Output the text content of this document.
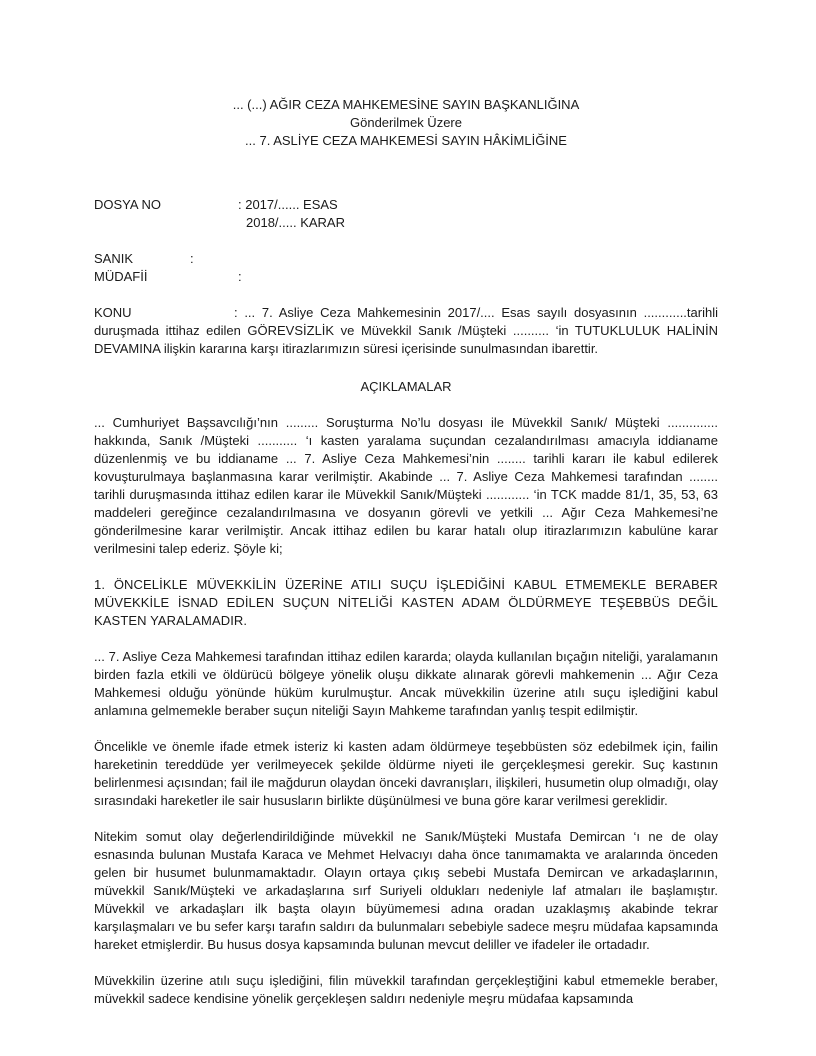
... (...) AĞIR CEZA MAHKEMESİNE SAYIN BAŞKANLIĞINA

Gönderilmek Üzere

... 7. ASLİYE CEZA MAHKEMESİ SAYIN HÂKİMLİĞİNE

DOSYA NO	: 2017/...... ESAS
2018/..... KARAR
SANIK	:
MÜDAFİİ	:
KONU	: ... 7. Asliye Ceza Mahkemesinin 2017/.... Esas sayılı dosyasının ............tarihli duruşmada ittihaz edilen GÖREVSİZLİK ve Müvekkil Sanık /Müşteki .......... ‘in TUTUKLULUK HALİNİN DEVAMINA ilişkin kararına karşı itirazlarımızın süresi içerisinde sunulmasından ibarettir.
AÇIKLAMALAR

... Cumhuriyet Başsavcılığı’nın ......... Soruşturma No’lu dosyası ile Müvekkil Sanık/ Müşteki .............. hakkında, Sanık /Müşteki ........... ‘ı kasten yaralama suçundan cezalandırılması amacıyla iddianame düzenlenmiş ve bu iddianame ... 7. Asliye Ceza Mahkemesi’nin ........ tarihli kararı ile kabul edilerek kovuşturulmaya başlanmasına karar verilmiştir. Akabinde ... 7. Asliye Ceza Mahkemesi tarafından ........ tarihli duruşmasında ittihaz edilen karar ile Müvekkil Sanık/Müşteki ............ ‘in TCK madde 81/1, 35, 53, 63 maddeleri gereğince cezalandırılmasına ve dosyanın görevli ve yetkili ... Ağır Ceza Mahkemesi’ne gönderilmesine karar verilmiştir. Ancak ittihaz edilen bu karar hatalı olup itirazlarımızın kabulüne karar verilmesini talep ederiz. Şöyle ki;

1. ÖNCELİKLE MÜVEKKİLİN ÜZERİNE ATILI SUÇU İŞLEDİĞİNİ KABUL ETMEMEKLE BERABER MÜVEKKİLE İSNAD EDİLEN SUÇUN NİTELİĞİ KASTEN ADAM ÖLDÜRMEYE TEŞEBBÜS DEĞİL KASTEN YARALAMADIR.

... 7. Asliye Ceza Mahkemesi tarafından ittihaz edilen kararda; olayda kullanılan bıçağın niteliği, yaralamanın birden fazla etkili ve öldürücü bölgeye yönelik oluşu dikkate alınarak görevli mahkemenin ... Ağır Ceza Mahkemesi olduğu yönünde hüküm kurulmuştur. Ancak müvekkilin üzerine atılı suçu işlediğini kabul anlamına gelmemekle beraber suçun niteliği Sayın Mahkeme tarafından yanlış tespit edilmiştir.

Öncelikle ve önemle ifade etmek isteriz ki kasten adam öldürmeye teşebbüsten söz edebilmek için, failin hareketinin tereddüde yer verilmeyecek şekilde öldürme niyeti ile gerçekleşmesi gerekir. Suç kastının belirlenmesi açısından; fail ile mağdurun olaydan önceki davranışları, ilişkileri, husumetin olup olmadığı, olay sırasındaki hareketler ile sair hususların birlikte düşünülmesi ve buna göre karar verilmesi gereklidir.

Nitekim somut olay değerlendirildiğinde müvekkil ne Sanık/Müşteki Mustafa Demircan ‘ı ne de olay esnasında bulunan Mustafa Karaca ve Mehmet Helvacıyı daha önce tanımamakta ve aralarında önceden gelen bir husumet bulunmamaktadır. Olayın ortaya çıkış sebebi Mustafa Demircan ve arkadaşlarının, müvekkil Sanık/Müşteki ve arkadaşlarına sırf Suriyeli oldukları nedeniyle laf atmaları ile başlamıştır. Müvekkil ve arkadaşları ilk başta olayın büyümemesi adına oradan uzaklaşmış akabinde tekrar karşılaşmaları ve bu sefer karşı tarafın saldırı da bulunmaları sebebiyle sadece meşru müdafaa kapsamında hareket etmişlerdir. Bu husus dosya kapsamında bulunan mevcut deliller ve ifadeler ile ortadadır.

Müvekkilin üzerine atılı suçu işlediğini, filin müvekkil tarafından gerçekleştiğini kabul etmemekle beraber, müvekkil sadece kendisine yönelik gerçekleşen saldırı nedeniyle meşru müdafaa kapsamında
